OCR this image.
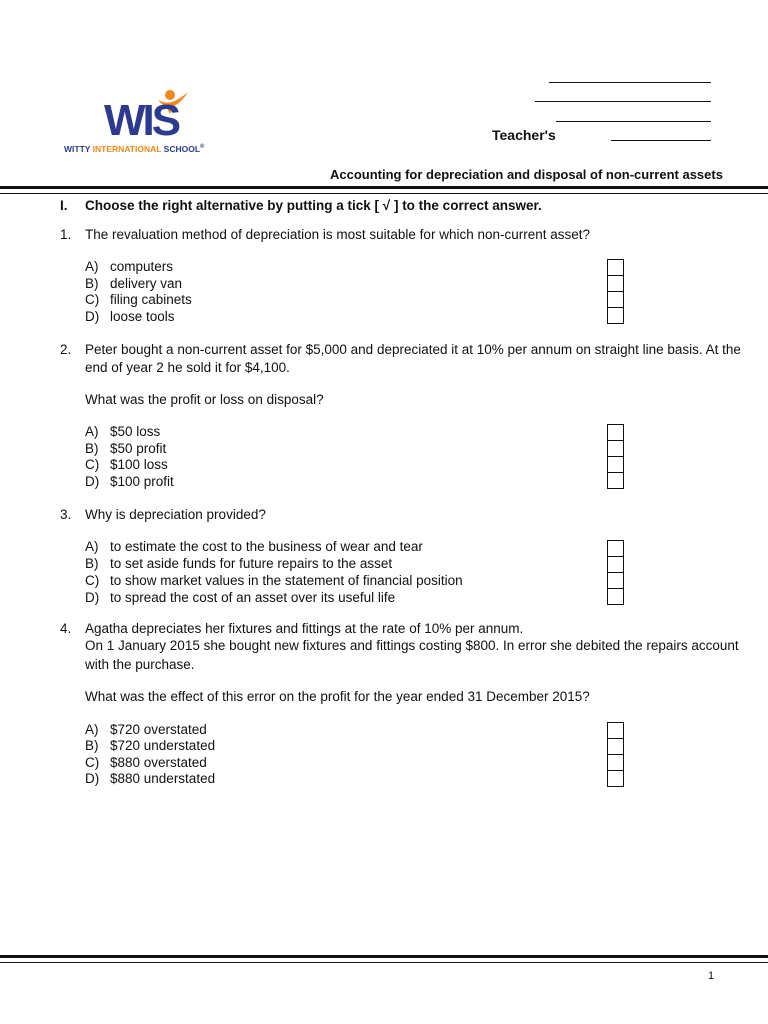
WIS
WITTY INTERNATIONAL SCHOOL®
Teacher's
Accounting for depreciation and disposal of non-current assets
I. Choose the right alternative by putting a tick [ √ ] to the correct answer.
1. The revaluation method of depreciation is most suitable for which non-current asset?
A) computers
B) delivery van
C) filing cabinets
D) loose tools
2. Peter bought a non-current asset for $5,000 and depreciated it at 10% per annum on straight line basis. At the
end of year 2 he sold it for $4,100.
What was the profit or loss on disposal?
A) $50 loss
B) $50 profit
C) $100 loss
D) $100 profit
3. Why is depreciation provided?
A) to estimate the cost to the business of wear and tear
B) to set aside funds for future repairs to the asset
C) to show market values in the statement of financial position
D) to spread the cost of an asset over its useful life
4. Agatha depreciates her fixtures and fittings at the rate of 10% per annum.
On 1 January 2015 she bought new fixtures and fittings costing $800. In error she debited the repairs account
with the purchase.
What was the effect of this error on the profit for the year ended 31 December 2015?
A) $720 overstated
B) $720 understated
C) $880 overstated
D) $880 understated
1
